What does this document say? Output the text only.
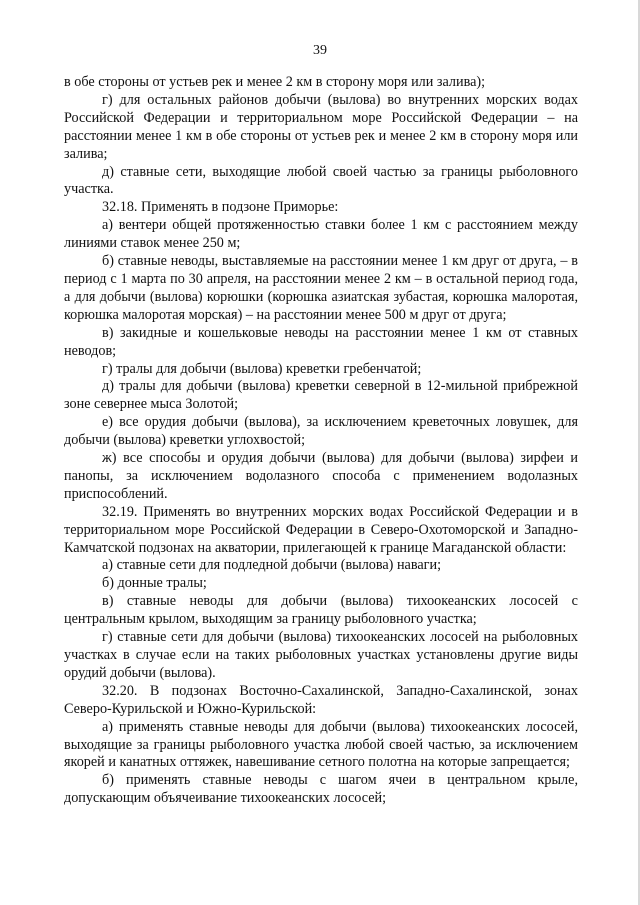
39

в обе стороны от устьев рек и менее 2 км в сторону моря или залива);

г) для остальных районов добычи (вылова) во внутренних морских водах Российской Федерации и территориальном море Российской Федерации – на расстоянии менее 1 км в обе стороны от устьев рек и менее 2 км в сторону моря или залива;

д) ставные сети, выходящие любой своей частью за границы рыболовного участка.

32.18. Применять в подзоне Приморье:

а) вентери общей протяженностью ставки более 1 км с расстоянием между линиями ставок менее 250 м;

б) ставные неводы, выставляемые на расстоянии менее 1 км друг от друга, – в период с 1 марта по 30 апреля, на расстоянии менее 2 км – в остальной период года, а для добычи (вылова) корюшки (корюшка азиатская зубастая, корюшка малоротая, корюшка малоротая морская) – на расстоянии менее 500 м друг от друга;

в) закидные и кошельковые неводы на расстоянии менее 1 км от ставных неводов;

г) тралы для добычи (вылова) креветки гребенчатой;

д) тралы для добычи (вылова) креветки северной в 12-мильной прибрежной зоне севернее мыса Золотой;

е) все орудия добычи (вылова), за исключением креветочных ловушек, для добычи (вылова) креветки углохвостой;

ж) все способы и орудия добычи (вылова) для добычи (вылова) зирфеи и панопы, за исключением водолазного способа с применением водолазных приспособлений.

32.19. Применять во внутренних морских водах Российской Федерации и в территориальном море Российской Федерации в Северо-Охотоморской и Западно-Камчатской подзонах на акватории, прилегающей к границе Магаданской области:

а) ставные сети для подледной добычи (вылова) наваги;

б) донные тралы;

в) ставные неводы для добычи (вылова) тихоокеанских лососей с центральным крылом, выходящим за границу рыболовного участка;

г) ставные сети для добычи (вылова) тихоокеанских лососей на рыболовных участках в случае если на таких рыболовных участках установлены другие виды орудий добычи (вылова).

32.20. В подзонах Восточно-Сахалинской, Западно-Сахалинской, зонах Северо-Курильской и Южно-Курильской:

а) применять ставные неводы для добычи (вылова) тихоокеанских лососей, выходящие за границы рыболовного участка любой своей частью, за исключением якорей и канатных оттяжек, навешивание сетного полотна на которые запрещается;

б) применять ставные неводы с шагом ячеи в центральном крыле, допускающим объячеивание тихоокеанских лососей;
